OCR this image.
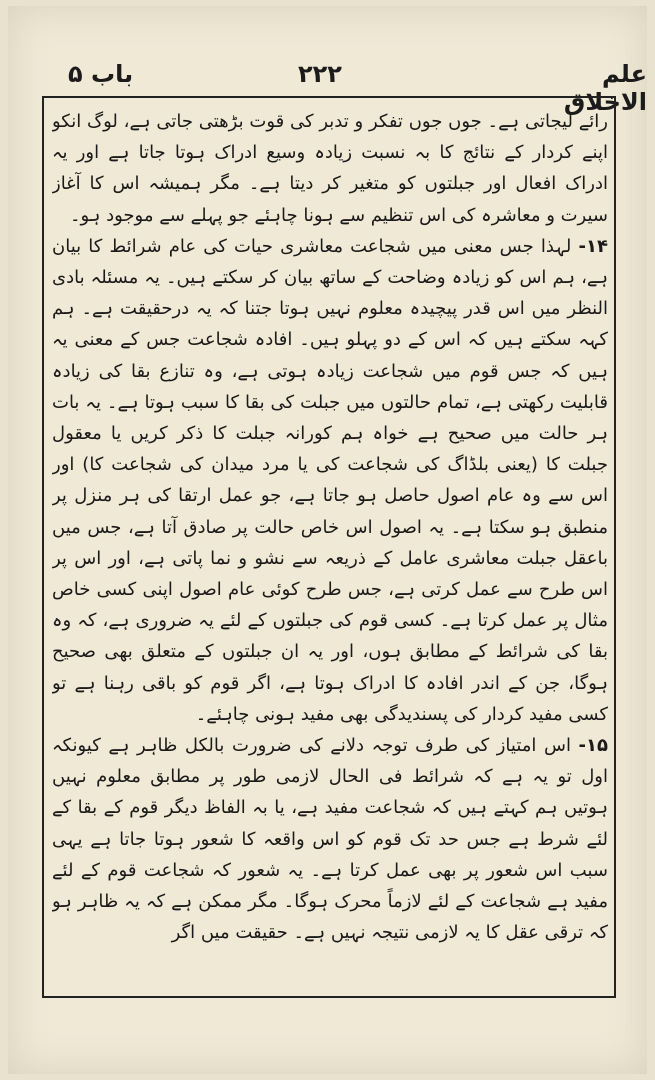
علم الاخلاق
۲۲۲
باب ۵

رائے لیجاتی ہے۔ جوں جوں تفکر و تدبر کی قوت بڑھتی جاتی ہے، لوگ انکو اپنے کردار کے نتائج کا بہ نسبت زیادہ وسیع ادراک ہوتا جاتا ہے اور یہ ادراک افعال اور جبلتوں کو متغیر کر دیتا ہے۔ مگر ہمیشہ اس کا آغاز سیرت و معاشرہ کی اس تنظیم سے ہونا چاہئے جو پہلے سے موجود ہو۔

۱۴- لہذا جس معنی میں شجاعت معاشری حیات کی عام شرائط کا بیان ہے، ہم اس کو زیادہ وضاحت کے ساتھ بیان کر سکتے ہیں۔ یہ مسئلہ بادی النظر میں اس قدر پیچیدہ معلوم نہیں ہوتا جتنا کہ یہ درحقیقت ہے۔ ہم کہہ سکتے ہیں کہ اس کے دو پہلو ہیں۔ افادہ شجاعت جس کے معنی یہ ہیں کہ جس قوم میں شجاعت زیادہ ہوتی ہے، وہ تنازع بقا کی زیادہ قابلیت رکھتی ہے، تمام حالتوں میں جبلت کی بقا کا سبب ہوتا ہے۔ یہ بات ہر حالت میں صحیح ہے خواہ ہم کورانہ جبلت کا ذکر کریں یا معقول جبلت کا (یعنی بلڈاگ کی شجاعت کی یا مرد میدان کی شجاعت کا) اور اس سے وہ عام اصول حاصل ہو جاتا ہے، جو عمل ارتقا کی ہر منزل پر منطبق ہو سکتا ہے۔ یہ اصول اس خاص حالت پر صادق آتا ہے، جس میں باعقل جبلت معاشری عامل کے ذریعہ سے نشو و نما پاتی ہے، اور اس پر اس طرح سے عمل کرتی ہے، جس طرح کوئی عام اصول اپنی کسی خاص مثال پر عمل کرتا ہے۔ کسی قوم کی جبلتوں کے لئے یہ ضروری ہے، کہ وہ بقا کی شرائط کے مطابق ہوں، اور یہ ان جبلتوں کے متعلق بھی صحیح ہوگا، جن کے اندر افادہ کا ادراک ہوتا ہے، اگر قوم کو باقی رہنا ہے تو کسی مفید کردار کی پسندیدگی بھی مفید ہونی چاہئے۔

۱۵- اس امتیاز کی طرف توجہ دلانے کی ضرورت بالکل ظاہر ہے کیونکہ اول تو یہ ہے کہ شرائط فی الحال لازمی طور پر مطابق معلوم نہیں ہوتیں ہم کہتے ہیں کہ شجاعت مفید ہے، یا بہ الفاظ دیگر قوم کے بقا کے لئے شرط ہے جس حد تک قوم کو اس واقعہ کا شعور ہوتا جاتا ہے یہی سبب اس شعور پر بھی عمل کرتا ہے۔ یہ شعور کہ شجاعت قوم کے لئے مفید ہے شجاعت کے لئے لازماً محرک ہوگا۔ مگر ممکن ہے کہ یہ ظاہر ہو کہ ترقی عقل کا یہ لازمی نتیجہ نہیں ہے۔ حقیقت میں اگر
